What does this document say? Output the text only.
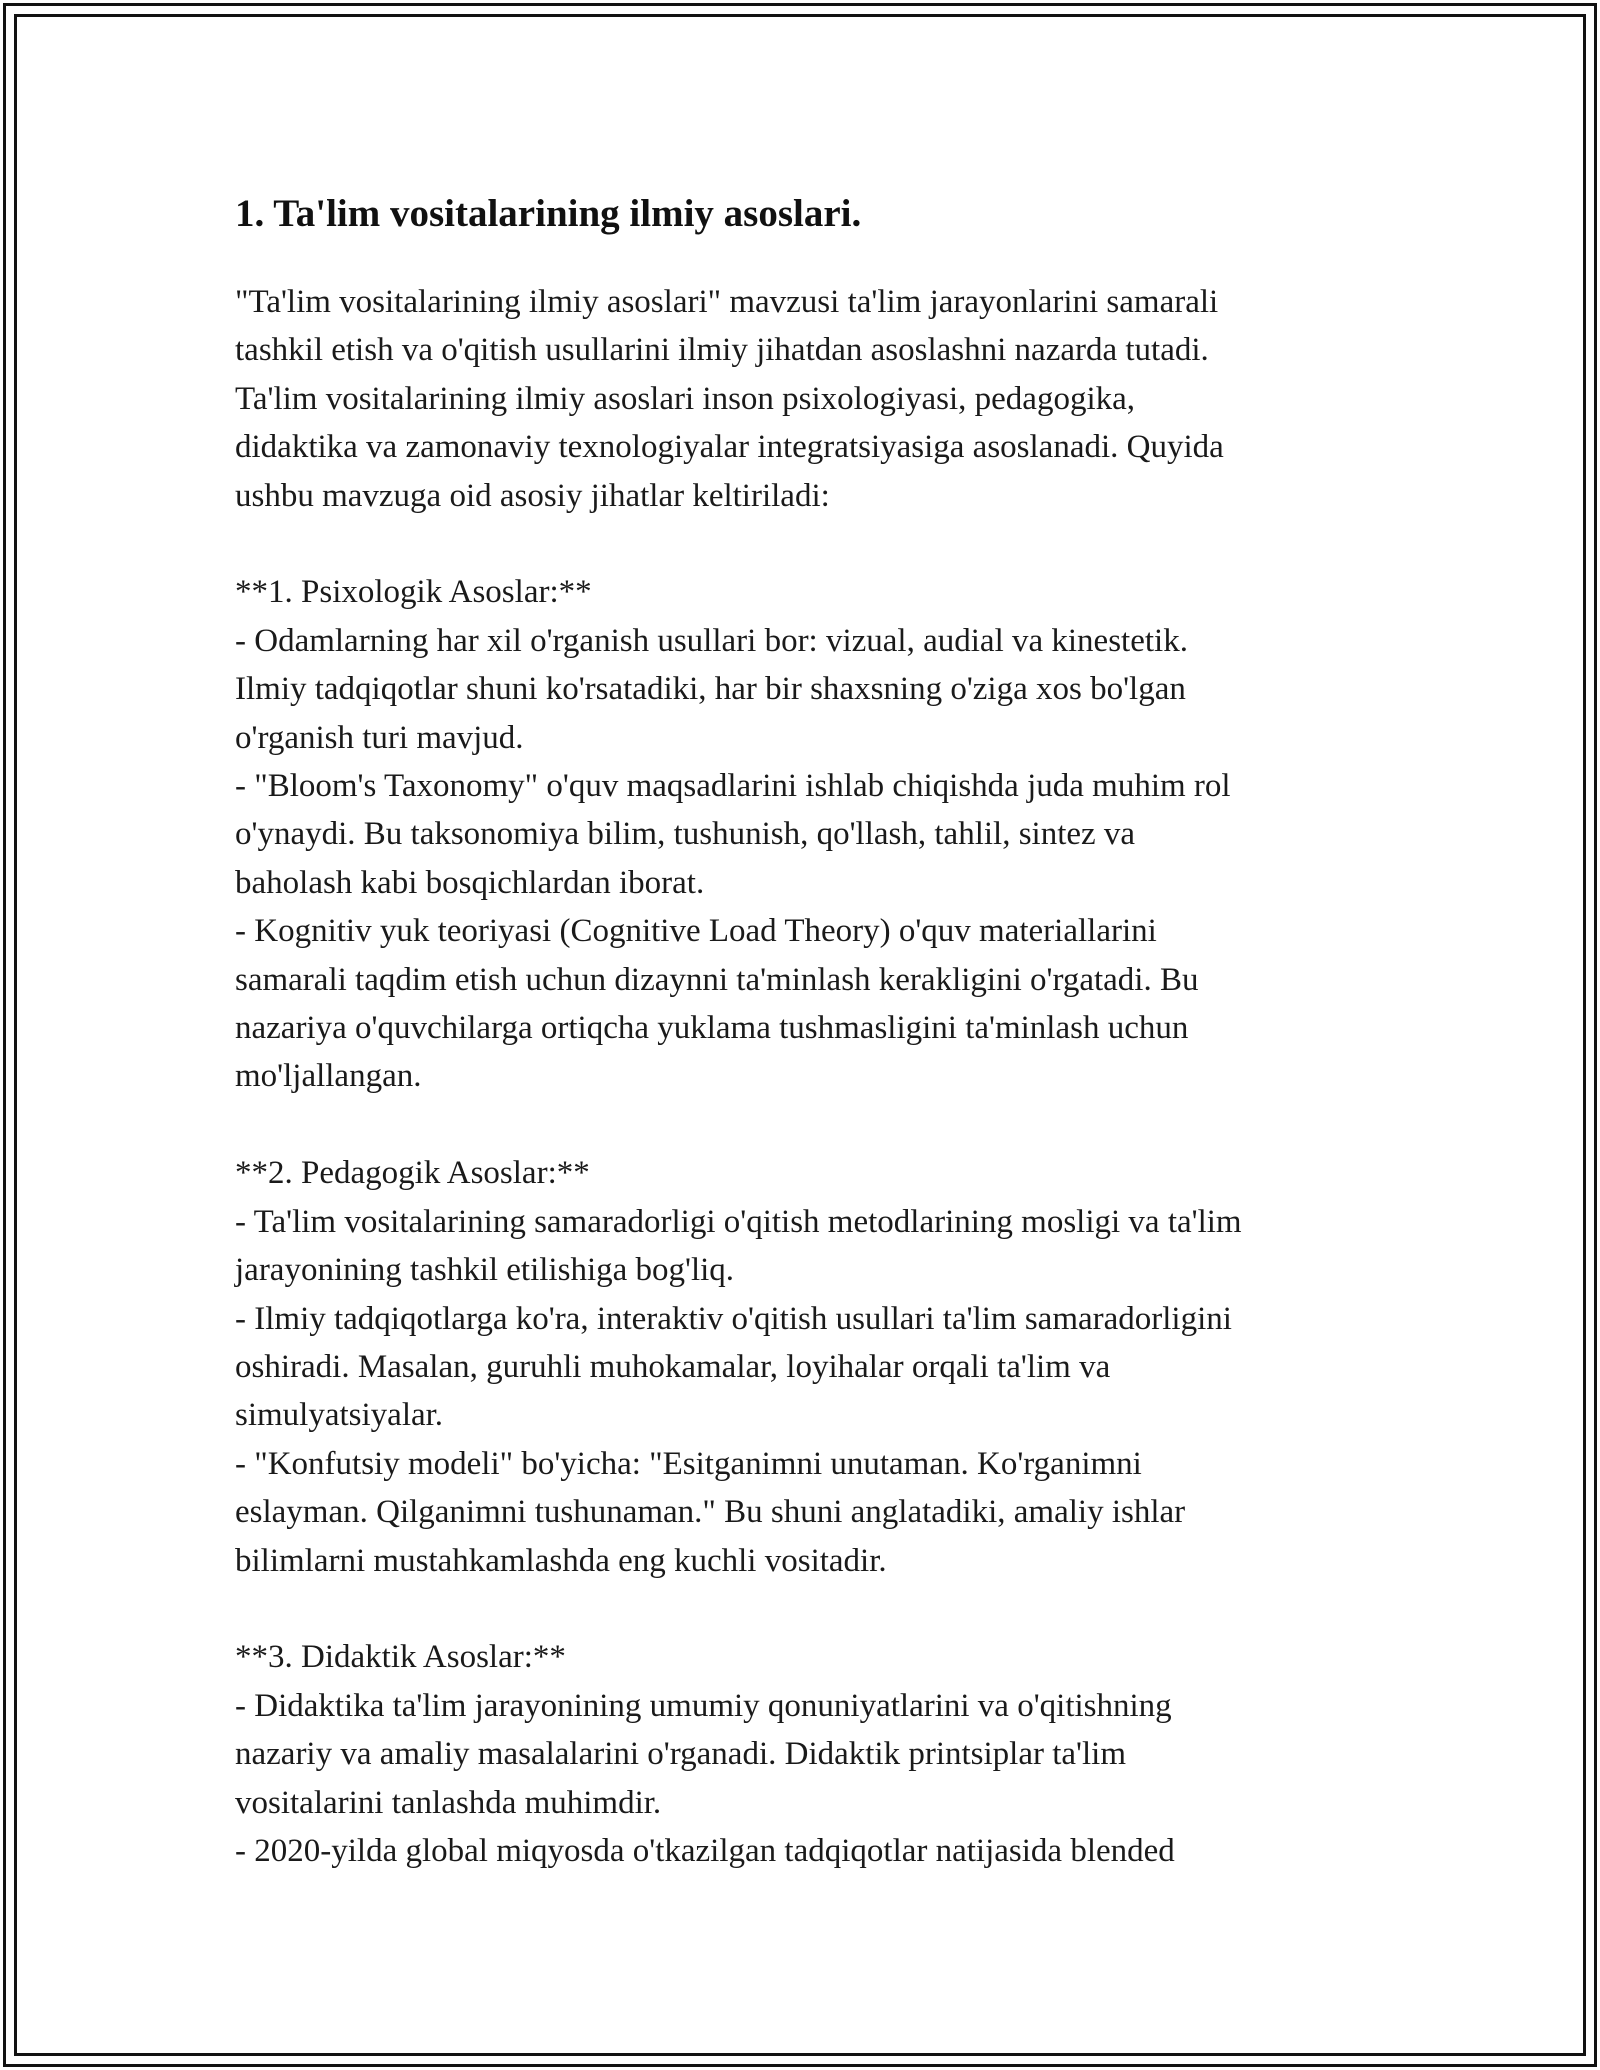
1. Ta'lim vositalarining ilmiy asoslari.

"Ta'lim vositalarining ilmiy asoslari" mavzusi ta'lim jarayonlarini samarali
tashkil etish va o'qitish usullarini ilmiy jihatdan asoslashni nazarda tutadi.
Ta'lim vositalarining ilmiy asoslari inson psixologiyasi, pedagogika,
didaktika va zamonaviy texnologiyalar integratsiyasiga asoslanadi. Quyida
ushbu mavzuga oid asosiy jihatlar keltiriladi:

**1. Psixologik Asoslar:**

- Odamlarning har xil o'rganish usullari bor: vizual, audial va kinestetik.
Ilmiy tadqiqotlar shuni ko'rsatadiki, har bir shaxsning o'ziga xos bo'lgan
o'rganish turi mavjud.
- "Bloom's Taxonomy" o'quv maqsadlarini ishlab chiqishda juda muhim rol
o'ynaydi. Bu taksonomiya bilim, tushunish, qo'llash, tahlil, sintez va
baholash kabi bosqichlardan iborat.
- Kognitiv yuk teoriyasi (Cognitive Load Theory) o'quv materiallarini
samarali taqdim etish uchun dizaynni ta'minlash kerakligini o'rgatadi. Bu
nazariya o'quvchilarga ortiqcha yuklama tushmasligini ta'minlash uchun
mo'ljallangan.

**2. Pedagogik Asoslar:**

- Ta'lim vositalarining samaradorligi o'qitish metodlarining mosligi va ta'lim
jarayonining tashkil etilishiga bog'liq.
- Ilmiy tadqiqotlarga ko'ra, interaktiv o'qitish usullari ta'lim samaradorligini
oshiradi. Masalan, guruhli muhokamalar, loyihalar orqali ta'lim va
simulyatsiyalar.
- "Konfutsiy modeli" bo'yicha: "Esitganimni unutaman. Ko'rganimni
eslayman. Qilganimni tushunaman." Bu shuni anglatadiki, amaliy ishlar
bilimlarni mustahkamlashda eng kuchli vositadir.

**3. Didaktik Asoslar:**

- Didaktika ta'lim jarayonining umumiy qonuniyatlarini va o'qitishning
nazariy va amaliy masalalarini o'rganadi. Didaktik printsiplar ta'lim
vositalarini tanlashda muhimdir.
- 2020-yilda global miqyosda o'tkazilgan tadqiqotlar natijasida blended
